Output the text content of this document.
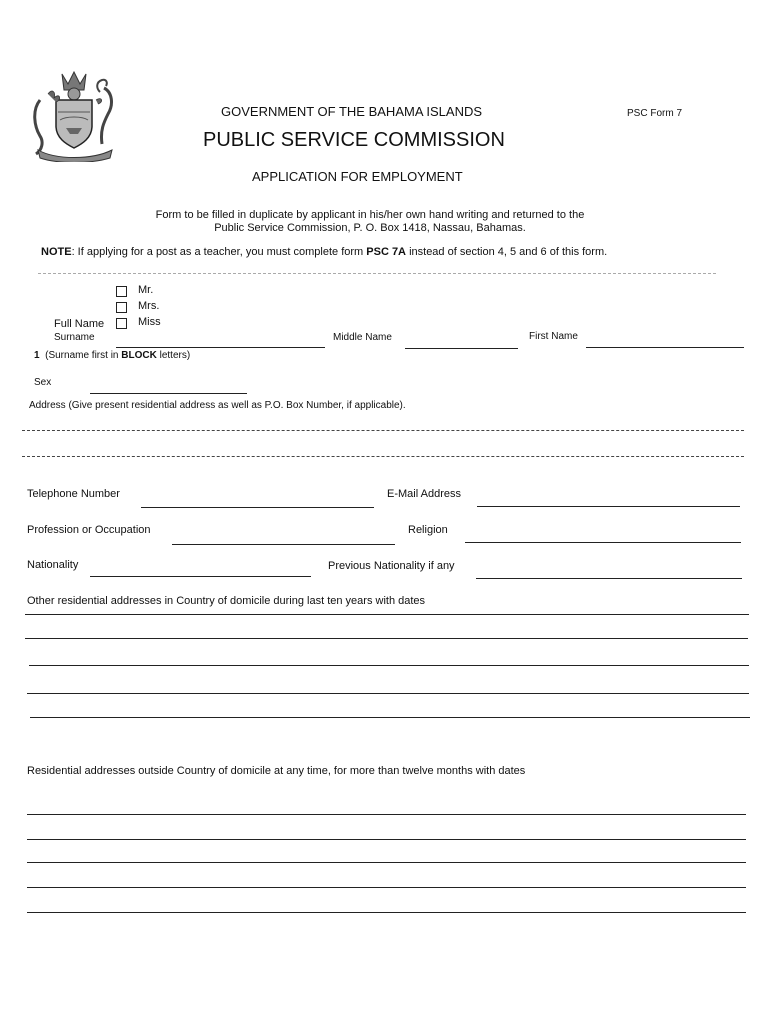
GOVERNMENT OF THE BAHAMA ISLANDS	PSC Form 7
PUBLIC SERVICE COMMISSION
APPLICATION FOR EMPLOYMENT
Form to be filled in duplicate by applicant in his/her own hand writing and returned to the
Public Service Commission, P. O. Box 1418, Nassau, Bahamas.
NOTE: If applying for a post as a teacher, you must complete form PSC 7A instead of section 4, 5 and 6 of this form.
Mr.
Mrs.
Miss
Full Name
Surname	Middle Name	First Name
1 (Surname first in BLOCK letters)
Sex
Address (Give present residential address as well as P.O. Box Number, if applicable).
Telephone Number	E-Mail Address
Profession or Occupation	Religion
Nationality	Previous Nationality if any
Other residential addresses in Country of domicile during last ten years with dates
Residential addresses outside Country of domicile at any time, for more than twelve months with dates
